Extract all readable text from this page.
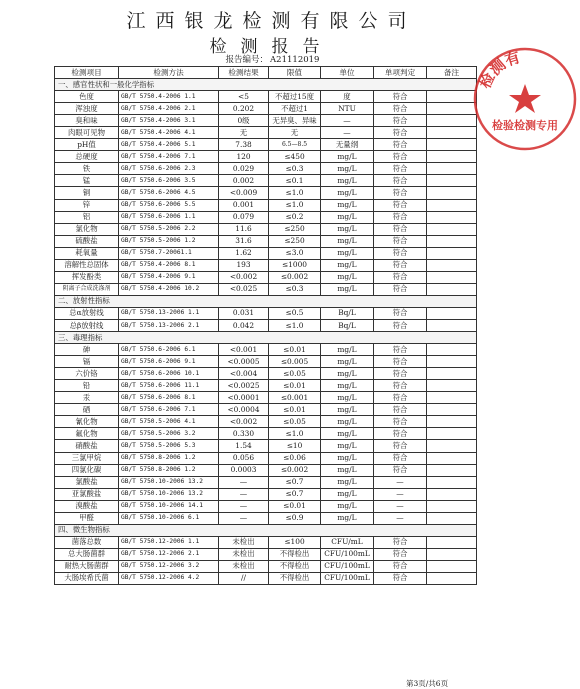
江西银龙检测有限公司
检测报告
报告编号： A21112019
检测项目	检测方法	检测结果	限值	单位	单项判定	备注
一、感官性状和一般化学指标						
色度	GB/T 5750.4-2006 1.1	<5	不超过15度	度	符合	
浑浊度	GB/T 5750.4-2006 2.1	0.202	不超过1	NTU	符合	
臭和味	GB/T 5750.4-2006 3.1	0级	无异臭、异味	—	符合	
肉眼可见物	GB/T 5750.4-2006 4.1	无	无	—	符合	
pH值	GB/T 5750.4-2006 5.1	7.38	6.5—8.5	无量纲	符合	
总硬度	GB/T 5750.4-2006 7.1	120	≤450	mg/L	符合	
铁	GB/T 5750.6-2006 2.3	0.029	≤0.3	mg/L	符合	
锰	GB/T 5750.6-2006 3.5	0.002	≤0.1	mg/L	符合	
铜	GB/T 5750.6-2006 4.5	<0.009	≤1.0	mg/L	符合	
锌	GB/T 5750.6-2006 5.5	0.001	≤1.0	mg/L	符合	
铝	GB/T 5750.6-2006 1.1	0.079	≤0.2	mg/L	符合	
氯化物	GB/T 5750.5-2006 2.2	11.6	≤250	mg/L	符合	
硫酸盐	GB/T 5750.5-2006 1.2	31.6	≤250	mg/L	符合	
耗氧量	GB/T 5750.7-20061.1	1.62	≤3.0	mg/L	符合	
溶解性总固体	GB/T 5750.4-2006 8.1	193	≤1000	mg/L	符合	
挥发酚类	GB/T 5750.4-2006 9.1	<0.002	≤0.002	mg/L	符合	
阴离子合成洗涤剂	GB/T 5750.4-2006 10.2	<0.025	≤0.3	mg/L	符合	
二、放射性指标						
总α放射线	GB/T 5750.13-2006 1.1	0.031	≤0.5	Bq/L	符合	
总β放射线	GB/T 5750.13-2006 2.1	0.042	≤1.0	Bq/L	符合	
三、毒理指标						
砷	GB/T 5750.6-2006 6.1	<0.001	≤0.01	mg/L	符合	
镉	GB/T 5750.6-2006 9.1	<0.0005	≤0.005	mg/L	符合	
六价铬	GB/T 5750.6-2006 10.1	<0.004	≤0.05	mg/L	符合	
铅	GB/T 5750.6-2006 11.1	<0.0025	≤0.01	mg/L	符合	
汞	GB/T 5750.6-2006 8.1	<0.0001	≤0.001	mg/L	符合	
硒	GB/T 5750.6-2006 7.1	<0.0004	≤0.01	mg/L	符合	
氰化物	GB/T 5750.5-2006 4.1	<0.002	≤0.05	mg/L	符合	
氟化物	GB/T 5750.5-2006 3.2	0.330	≤1.0	mg/L	符合	
硝酸盐	GB/T 5750.5-2006 5.3	1.54	≤10	mg/L	符合	
三氯甲烷	GB/T 5750.8-2006 1.2	0.056	≤0.06	mg/L	符合	
四氯化碳	GB/T 5750.8-2006 1.2	0.0003	≤0.002	mg/L	符合	
氯酸盐	GB/T 5750.10-2006 13.2	—	≤0.7	mg/L	—	
亚氯酸盐	GB/T 5750.10-2006 13.2	—	≤0.7	mg/L	—	
溴酸盐	GB/T 5750.10-2006 14.1	—	≤0.01	mg/L	—	
甲醛	GB/T 5750.10-2006 6.1	—	≤0.9	mg/L	—	
四、微生物指标						
菌落总数	GB/T 5750.12-2006 1.1	未检出	≤100	CFU/mL	符合	
总大肠菌群	GB/T 5750.12-2006 2.1	未检出	不得检出	CFU/100mL	符合	
耐热大肠菌群	GB/T 5750.12-2006 3.2	未检出	不得检出	CFU/100mL	符合	
大肠埃希氏菌	GB/T 5750.12-2006 4.2	//	不得检出	CFU/100mL	符合	
第3页/共6页
检测有
检验检测专用
